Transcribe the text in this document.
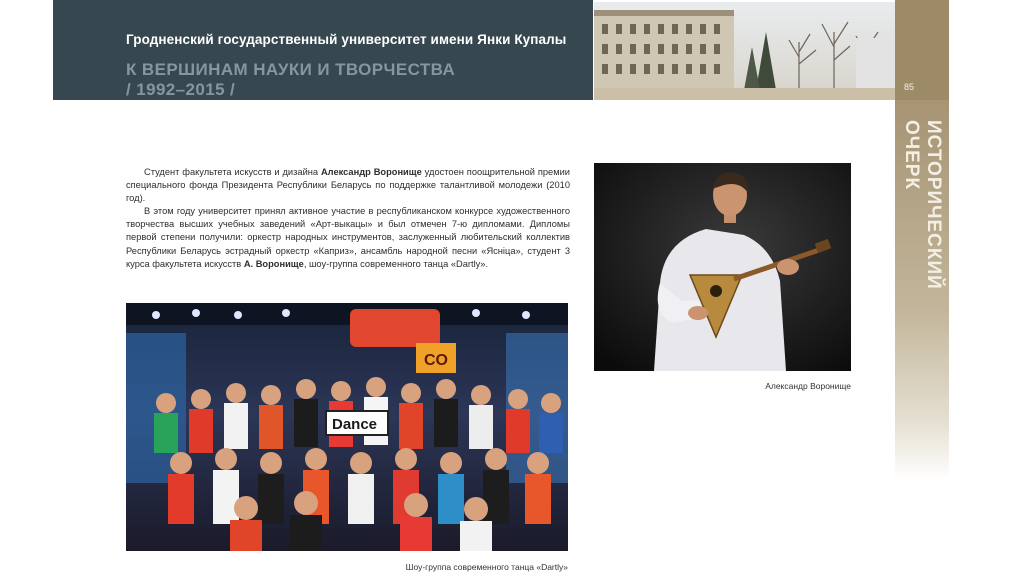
Гродненский государственный университет имени Янки Купалы
К ВЕРШИНАМ НАУКИ И ТВОРЧЕСТВА
/ 1992–2015 /	85
ИСТОРИЧЕСКИЙ ОЧЕРК

Студент факультета искусств и дизайна Александр Воронище удостоен поощрительной премии специального фонда Президента Республики Беларусь по поддержке талантливой молодежи (2010 год).

В этом году университет принял активное участие в республиканском конкурсе художественного творчества высших учебных заведений «Арт-выкацы» и был отмечен 7-ю дипломами. Дипломы первой степени получили: оркестр народных инструментов, заслуженный любительский коллектив Республики Беларусь эстрадный оркестр «Каприз», ансамбль народной песни «Ясніца», студент 3 курса факультета искусств А. Воронище, шоу-группа современного танца «Dartly».

Александр Воронище
CO
Dance
Шоу-группа современного танца «Dartly»
